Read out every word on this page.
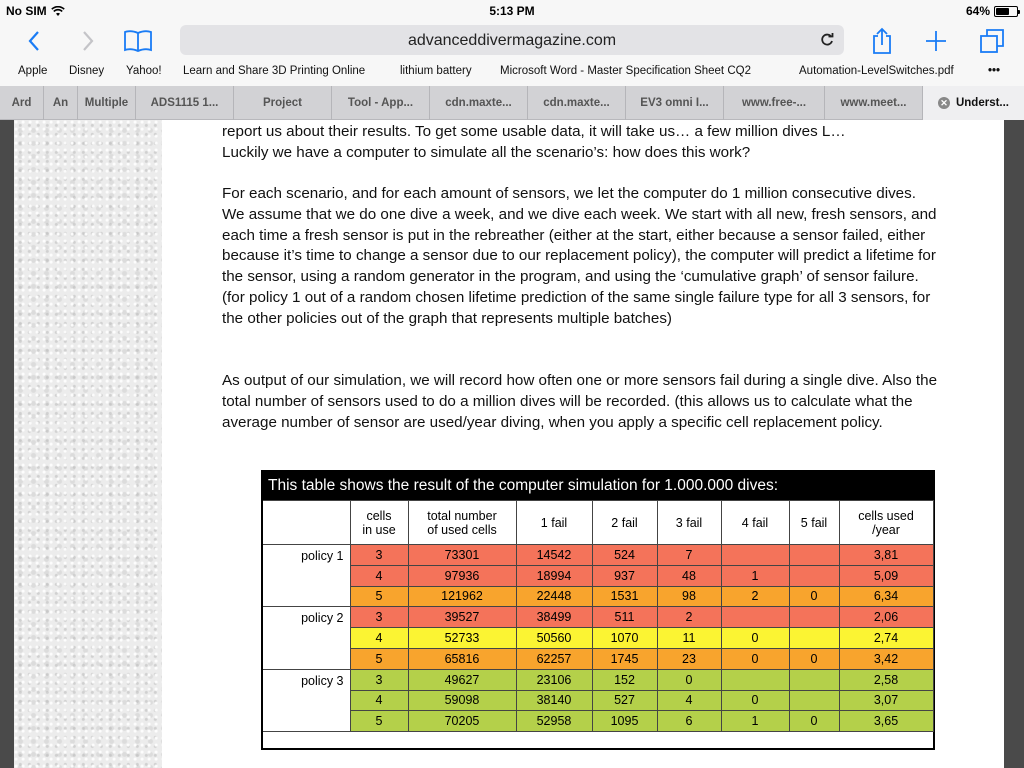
No SIM	5:13 PM	64%
advanceddivermagazine.com
Apple Disney Yahoo! Learn and Share 3D Printing Online	lithium battery Microsoft Word - Master Specification Sheet CQ2	Automation-LevelSwitches.pdf	•••
Ard An Multiple ADS1115 1...	Project	Tool - App...	cdn.maxte...	cdn.maxte...	EV3 omni I...	www.free-...	www.meet...	✕ Underst...

report us about their results. To get some usable data, it will take us… a few million dives L…
Luckily we have a computer to simulate all the scenario’s: how does this work?

For each scenario, and for each amount of sensors, we let the computer do 1 million consecutive dives. We assume that we do one dive a week, and we dive each week. We start with all new, fresh sensors, and each time a fresh sensor is put in the rebreather (either at the start, either because a sensor failed, either because it’s time to change a sensor due to our replacement policy), the computer will predict a lifetime for the sensor, using a random generator in the program, and using the ‘cumulative graph’ of sensor failure. (for policy 1 out of a random chosen lifetime prediction of the same single failure type for all 3 sensors, for the other policies out of the graph that represents multiple batches)

As output of our simulation, we will record how often one or more sensors fail during a single dive. Also the total number of sensors used to do a million dives will be recorded. (this allows us to calculate what the average number of sensor are used/year diving, when you apply a specific cell replacement policy.

This table shows the result of the computer simulation for 1.000.000 dives:
	cells
in use	total number
of used cells	1 fail	2 fail	3 fail	4 fail	5 fail	cells used
/year
policy 1	3	73301	14542	524	7			3,81
	4	97936	18994	937	48	1		5,09
	5	121962	22448	1531	98	2	0	6,34
policy 2	3	39527	38499	511	2			2,06
	4	52733	50560	1070	11	0		2,74
	5	65816	62257	1745	23	0	0	3,42
policy 3	3	49627	23106	152	0			2,58
	4	59098	38140	527	4	0		3,07
	5	70205	52958	1095	6	1	0	3,65
